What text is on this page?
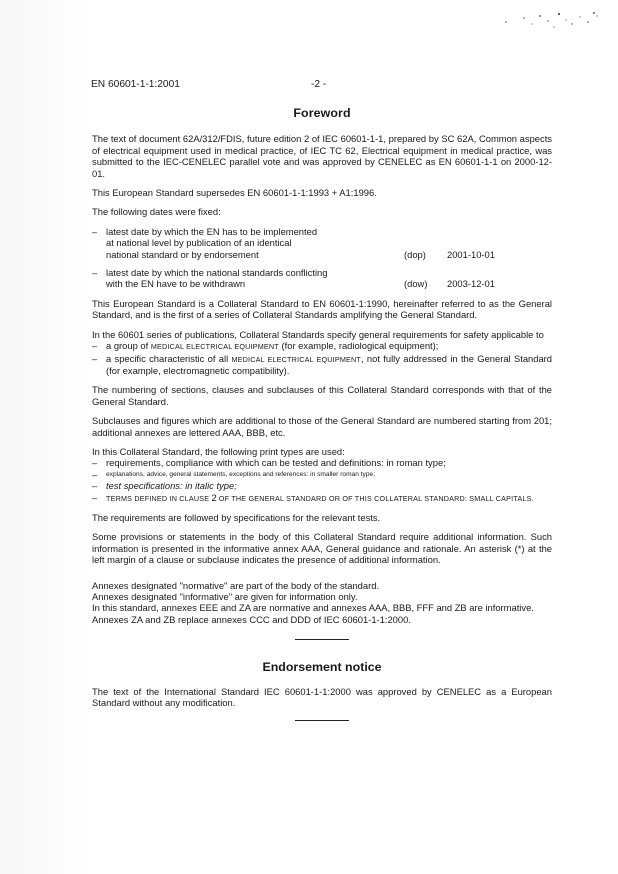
EN 60601-1-1:2001	-2 -
Foreword

The text of document 62A/312/FDIS, future edition 2 of IEC 60601-1-1, prepared by SC 62A, Common aspects of electrical equipment used in medical practice, of IEC TC 62, Electrical equipment in medical practice, was submitted to the IEC-CENELEC parallel vote and was approved by CENELEC as EN 60601-1-1 on 2000-12-01.

This European Standard supersedes EN 60601-1-1:1993 + A1:1996.

The following dates were fixed:

– latest date by which the EN has to be implemented
at national level by publication of an identical
national standard or by endorsement	(dop)	2001-10-01
– latest date by which the national standards conflicting
with the EN have to be withdrawn	(dow)	2003-12-01

This European Standard is a Collateral Standard to EN 60601-1:1990, hereinafter referred to as the General Standard, and is the first of a series of Collateral Standards amplifying the General Standard.

In the 60601 series of publications, Collateral Standards specify general requirements for safety applicable to

– a group of MEDICAL ELECTRICAL EQUIPMENT (for example, radiological equipment);
– a specific characteristic of all MEDICAL ELECTRICAL EQUIPMENT, not fully addressed in the General Standard (for example, electromagnetic compatibility).

The numbering of sections, clauses and subclauses of this Collateral Standard corresponds with that of the General Standard.

Subclauses and figures which are additional to those of the General Standard are numbered starting from 201; additional annexes are lettered AAA, BBB, etc.

In this Collateral Standard, the following print types are used:

– requirements, compliance with which can be tested and definitions: in roman type;
–	explanations, advice, general statements, exceptions and references: in smaller roman type;
– test specifications: in italic type;
–	TERMS DEFINED IN CLAUSE 2 OF THE GENERAL STANDARD OR OF THIS COLLATERAL STANDARD: SMALL CAPITALS.

The requirements are followed by specifications for the relevant tests.

Some provisions or statements in the body of this Collateral Standard require additional information. Such information is presented in the informative annex AAA, General guidance and rationale. An asterisk (*) at the left margin of a clause or subclause indicates the presence of additional information.

Annexes designated "normative" are part of the body of the standard.

Annexes designated "informative" are given for information only.

In this standard, annexes EEE and ZA are normative and annexes AAA, BBB, FFF and ZB are informative.

Annexes ZA and ZB replace annexes CCC and DDD of IEC 60601-1-1:2000.

Endorsement notice

The text of the International Standard IEC 60601-1-1:2000 was approved by CENELEC as a European Standard without any modification.
